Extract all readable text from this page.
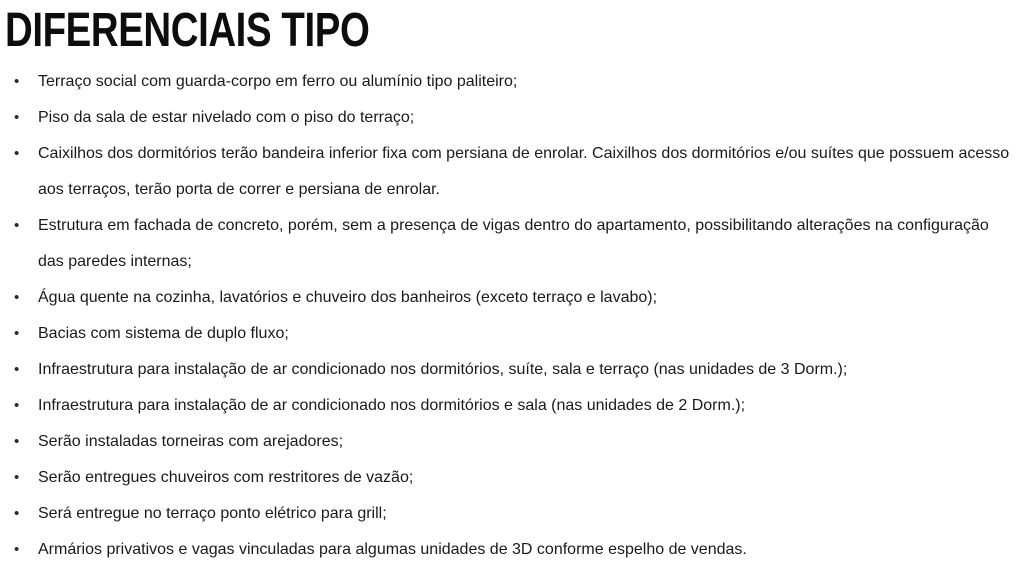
DIFERENCIAIS TIPO
•	Terraço social com guarda-corpo em ferro ou alumínio tipo paliteiro;
•	Piso da sala de estar nivelado com o piso do terraço;
•	Caixilhos dos dormitórios terão bandeira inferior fixa com persiana de enrolar. Caixilhos dos dormitórios e/ou suítes que possuem acesso aos terraços, terão porta de correr e persiana de enrolar.
•	Estrutura em fachada de concreto, porém, sem a presença de vigas dentro do apartamento, possibilitando alterações na configuração das paredes internas;
•	Água quente na cozinha, lavatórios e chuveiro dos banheiros (exceto terraço e lavabo);
•	Bacias com sistema de duplo fluxo;
•	Infraestrutura para instalação de ar condicionado nos dormitórios, suíte, sala e terraço (nas unidades de 3 Dorm.);
•	Infraestrutura para instalação de ar condicionado nos dormitórios e sala (nas unidades de 2 Dorm.);
•	Serão instaladas torneiras com arejadores;
•	Serão entregues chuveiros com restritores de vazão;
•	Será entregue no terraço ponto elétrico para grill;
•	Armários privativos e vagas vinculadas para algumas unidades de 3D conforme espelho de vendas.
